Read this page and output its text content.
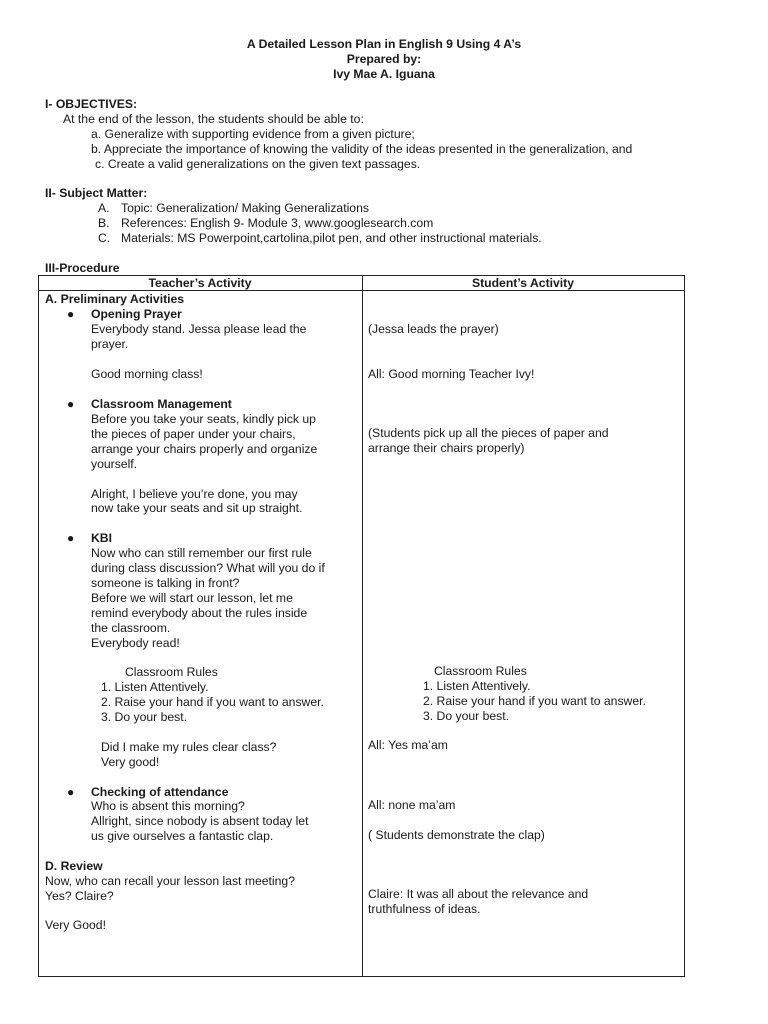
A Detailed Lesson Plan in English 9 Using 4 A’s
Prepared by:
Ivy Mae A. Iguana
I- OBJECTIVES:
At the end of the lesson, the students should be able to:
a. Generalize with supporting evidence from a given picture;
b. Appreciate the importance of knowing the validity of the ideas presented in the generalization, and
c. Create a valid generalizations on the given text passages.
II- Subject Matter:
A. Topic: Generalization/ Making Generalizations
B. References: English 9- Module 3, www.googlesearch.com
C. Materials: MS Powerpoint,cartolina,pilot pen, and other instructional materials.
III-Procedure
Teacher’s Activity	Student’s Activity
A. Preliminary Activities
● Opening Prayer
Everybody stand. Jessa please lead the
prayer.
Good morning class!
● Classroom Management
Before you take your seats, kindly pick up
the pieces of paper under your chairs,
arrange your chairs properly and organize
yourself.
Alright, I believe you’re done, you may
now take your seats and sit up straight.
● KBI
Now who can still remember our first rule
during class discussion? What will you do if
someone is talking in front?
Before we will start our lesson, let me
remind everybody about the rules inside
the classroom.
Everybody read!
Classroom Rules
1. Listen Attentively.
2. Raise your hand if you want to answer.
3. Do your best.
Did I make my rules clear class?
Very good!
● Checking of attendance
Who is absent this morning?
Allright, since nobody is absent today let
us give ourselves a fantastic clap.
D. Review
Now, who can recall your lesson last meeting?
Yes? Claire?
Very Good!
(Jessa leads the prayer)
All: Good morning Teacher Ivy!
(Students pick up all the pieces of paper and
arrange their chairs properly)
Classroom Rules
1. Listen Attentively.
2. Raise your hand if you want to answer.
3. Do your best.
All: Yes ma’am
All: none ma’am
( Students demonstrate the clap)
Claire: It was all about the relevance and
truthfulness of ideas.
